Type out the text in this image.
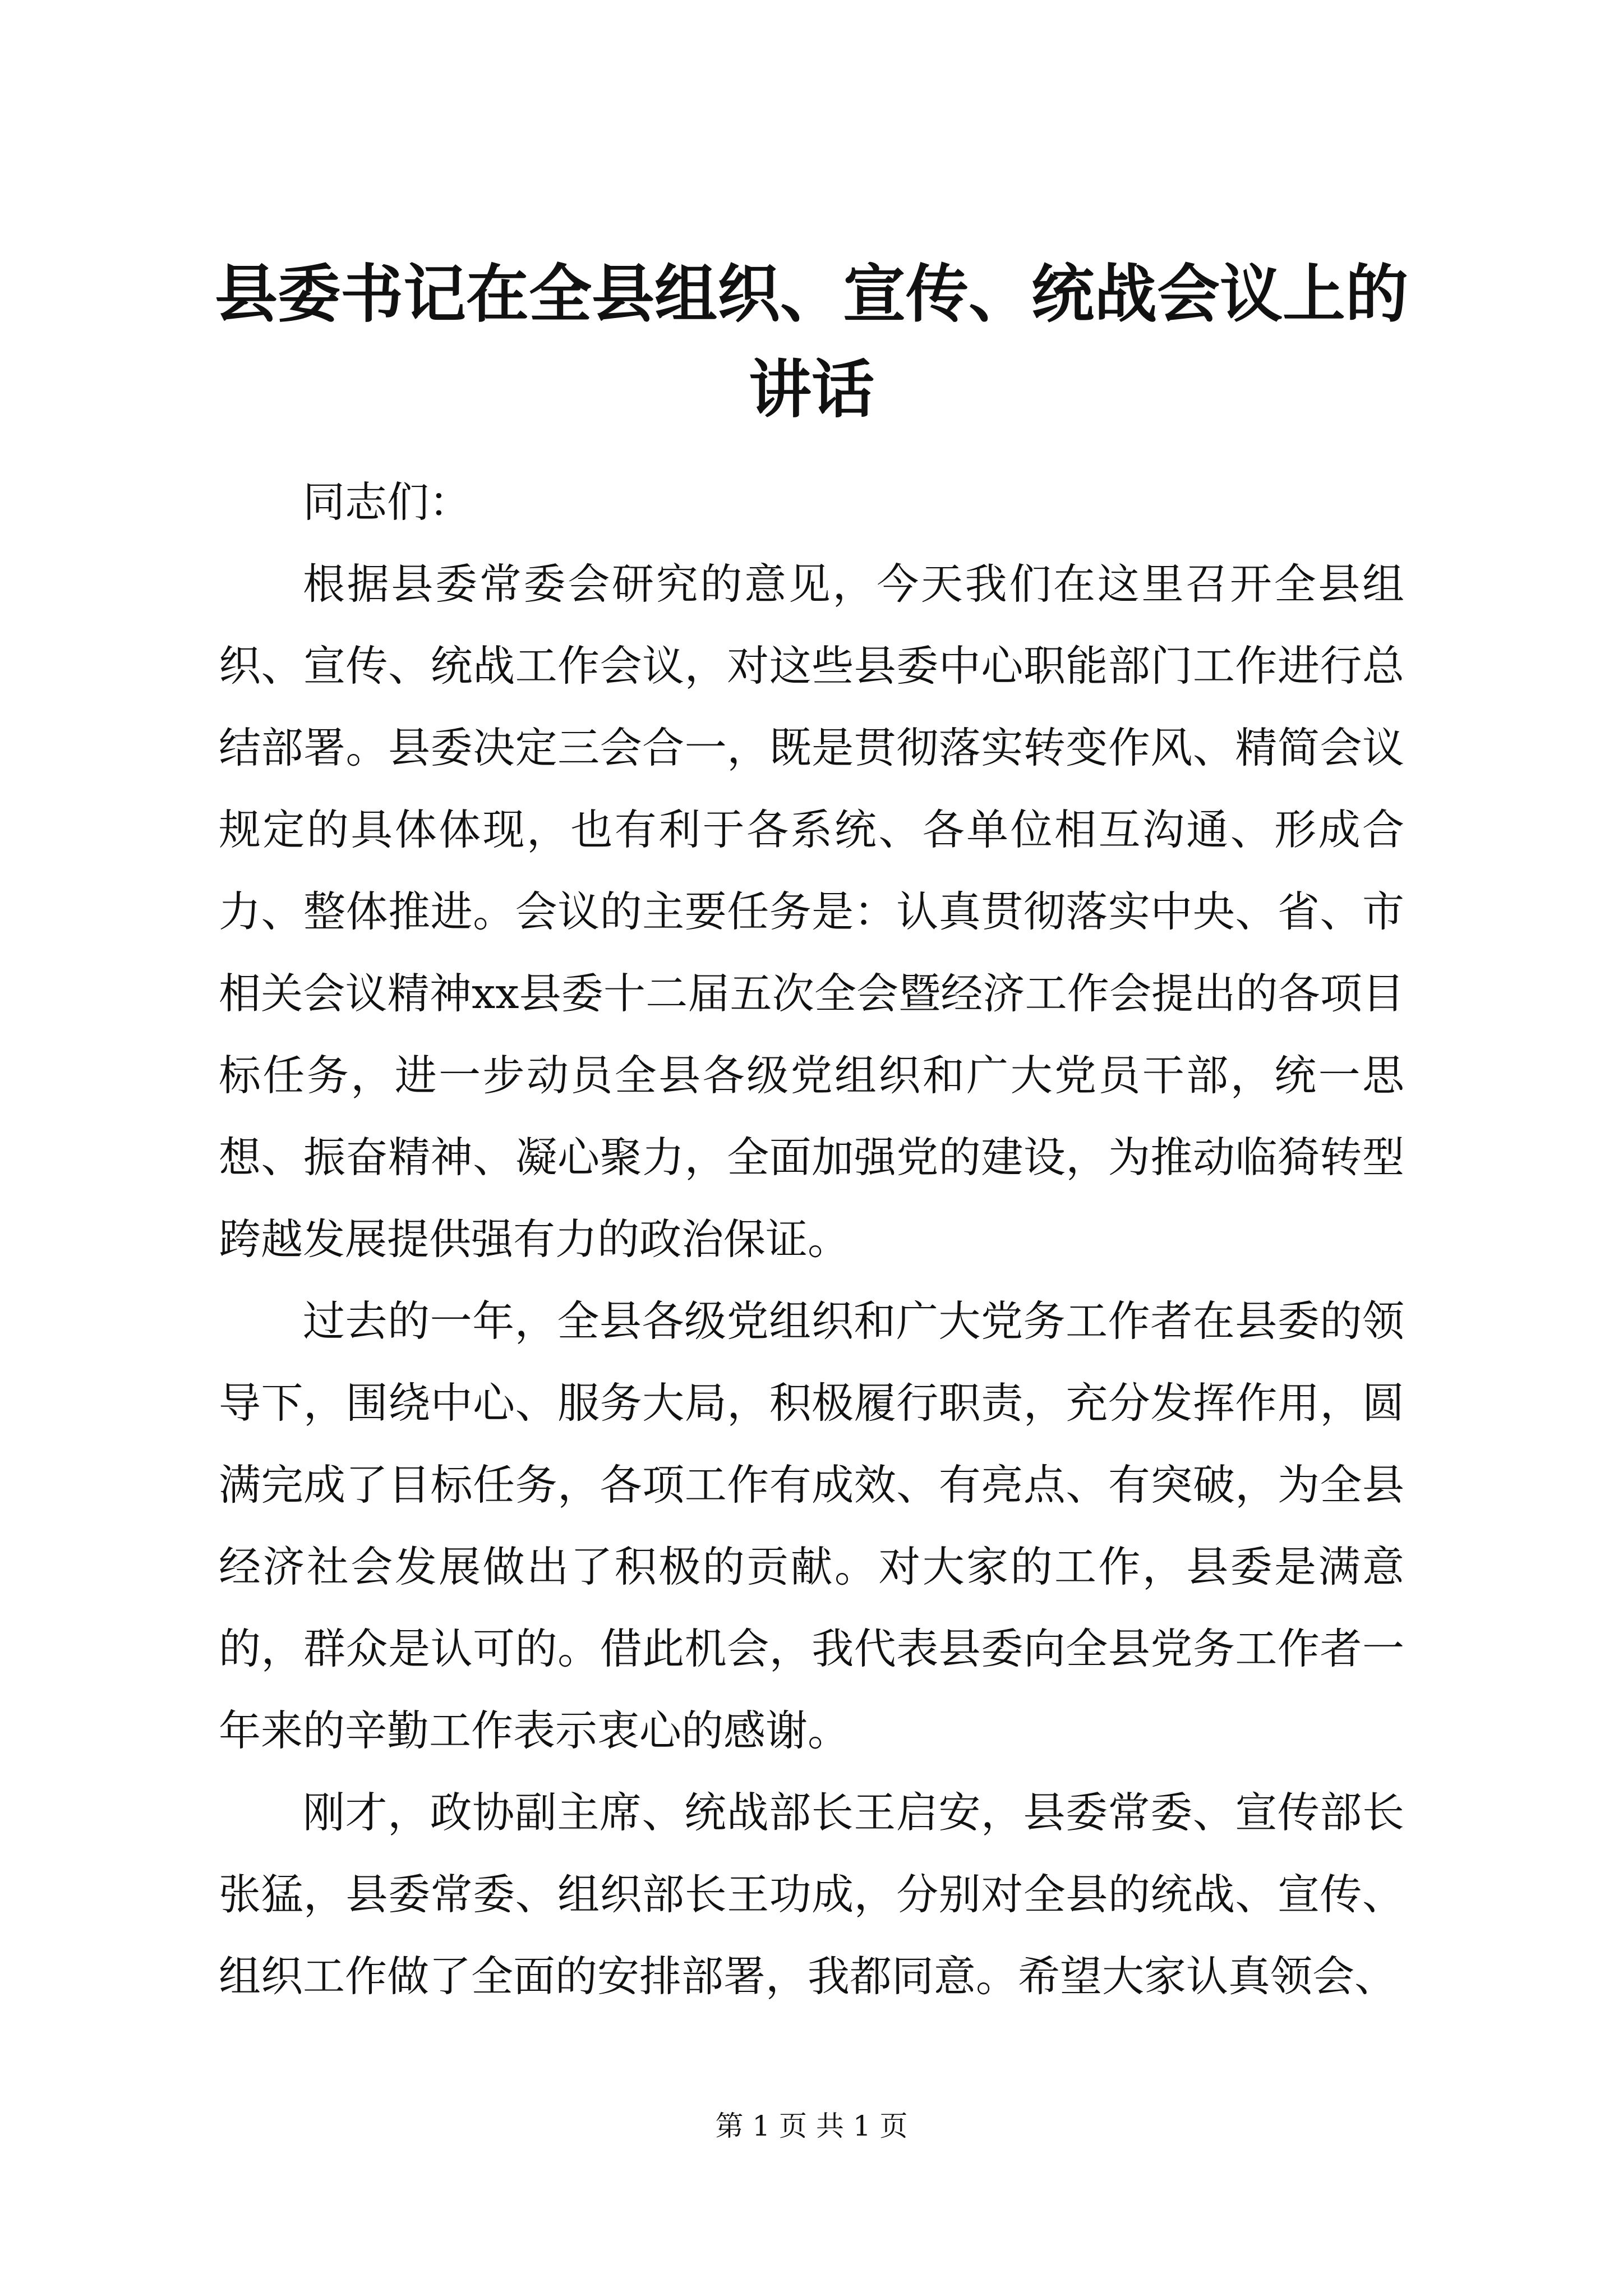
县委书记在全县组织、宣传、统战会议上的讲话

同志们：

根据县委常委会研究的意见，今天我们在这里召开全县组织、宣传、统战工作会议，对这些县委中心职能部门工作进行总结部署。县委决定三会合一，既是贯彻落实转变作风、精简会议规定的具体体现，也有利于各系统、各单位相互沟通、形成合力、整体推进。会议的主要任务是：认真贯彻落实中央、省、市相关会议精神xx县委十二届五次全会暨经济工作会提出的各项目标任务，进一步动员全县各级党组织和广大党员干部，统一思想、振奋精神、凝心聚力，全面加强党的建设，为推动临猗转型跨越发展提供强有力的政治保证。

过去的一年，全县各级党组织和广大党务工作者在县委的领导下，围绕中心、服务大局，积极履行职责，充分发挥作用，圆满完成了目标任务，各项工作有成效、有亮点、有突破，为全县经济社会发展做出了积极的贡献。对大家的工作，县委是满意的，群众是认可的。借此机会，我代表县委向全县党务工作者一年来的辛勤工作表示衷心的感谢。

刚才，政协副主席、统战部长王启安，县委常委、宣传部长张猛，县委常委、组织部长王功成，分别对全县的统战、宣传、组织工作做了全面的安排部署，我都同意。希望大家认真领会、

第 1 页 共 1 页
